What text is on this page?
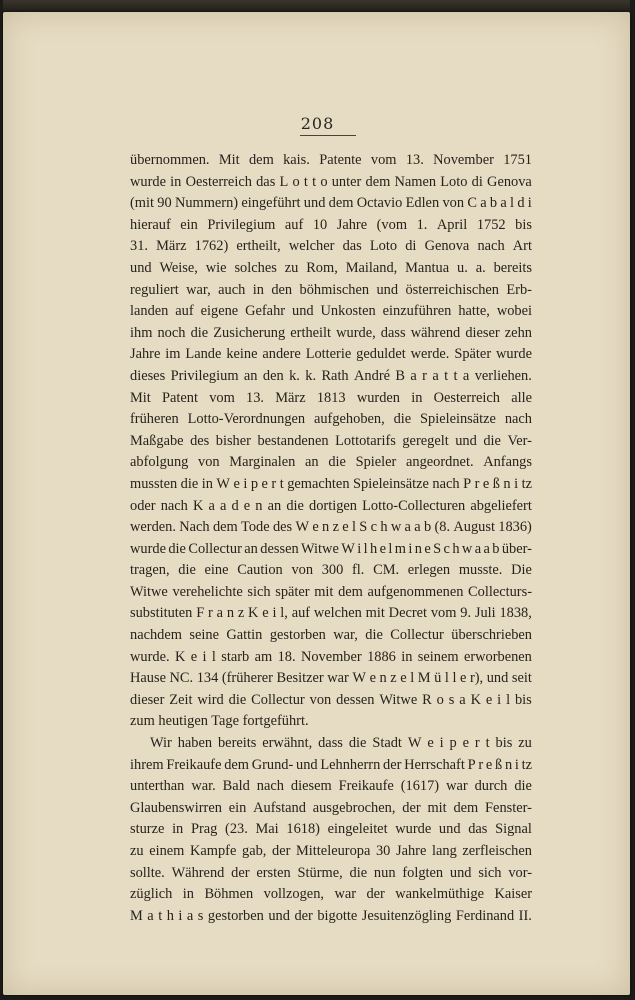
208
übernommen. Mit dem kais. Patente vom 13. November 1751
wurde in Oesterreich das L o t t o unter dem Namen Loto di Genova
(mit 90 Nummern) eingeführt und dem Octavio Edlen von C a b a l d i
hierauf ein Privilegium auf 10 Jahre (vom 1. April 1752 bis
31. März 1762) ertheilt, welcher das Loto di Genova nach Art
und Weise, wie solches zu Rom, Mailand, Mantua u. a. bereits
reguliert war, auch in den böhmischen und österreichischen Erb-
landen auf eigene Gefahr und Unkosten einzuführen hatte, wobei
ihm noch die Zusicherung ertheilt wurde, dass während dieser zehn
Jahre im Lande keine andere Lotterie geduldet werde. Später wurde
dieses Privilegium an den k. k. Rath André B a r a t t a verliehen.
Mit Patent vom 13. März 1813 wurden in Oesterreich alle
früheren Lotto-Verordnungen aufgehoben, die Spieleinsätze nach
Maßgabe des bisher bestandenen Lottotarifs geregelt und die Ver-
abfolgung von Marginalen an die Spieler angeordnet. Anfangs
mussten die in W e i p e r t gemachten Spieleinsätze nach P r e ß n i tz
oder nach K a a d e n an die dortigen Lotto-Collecturen abgeliefert
werden. Nach dem Tode des W e n z e l S c h w a a b (8. August 1836)
wurde die Collectur an dessen Witwe W i l h e l m i n e S c h w a a b über-
tragen, die eine Caution von 300 fl. CM. erlegen musste. Die
Witwe verehelichte sich später mit dem aufgenommenen Collecturs-
substituten F r a n z K e i l, auf welchen mit Decret vom 9. Juli 1838,
nachdem seine Gattin gestorben war, die Collectur überschrieben
wurde. K e i l starb am 18. November 1886 in seinem erworbenen
Hause NC. 134 (früherer Besitzer war W e n z e l M ü l l e r), und seit
dieser Zeit wird die Collectur von dessen Witwe R o s a K e i l bis
zum heutigen Tage fortgeführt.
Wir haben bereits erwähnt, dass die Stadt W e i p e r t bis zu
ihrem Freikaufe dem Grund- und Lehnherrn der Herrschaft P r e ß n i tz
unterthan war. Bald nach diesem Freikaufe (1617) war durch die
Glaubenswirren ein Aufstand ausgebrochen, der mit dem Fenster-
sturze in Prag (23. Mai 1618) eingeleitet wurde und das Signal
zu einem Kampfe gab, der Mitteleuropa 30 Jahre lang zerfleischen
sollte. Während der ersten Stürme, die nun folgten und sich vor-
züglich in Böhmen vollzogen, war der wankelmüthige Kaiser
M a t h i a s gestorben und der bigotte Jesuitenzögling Ferdinand II.
